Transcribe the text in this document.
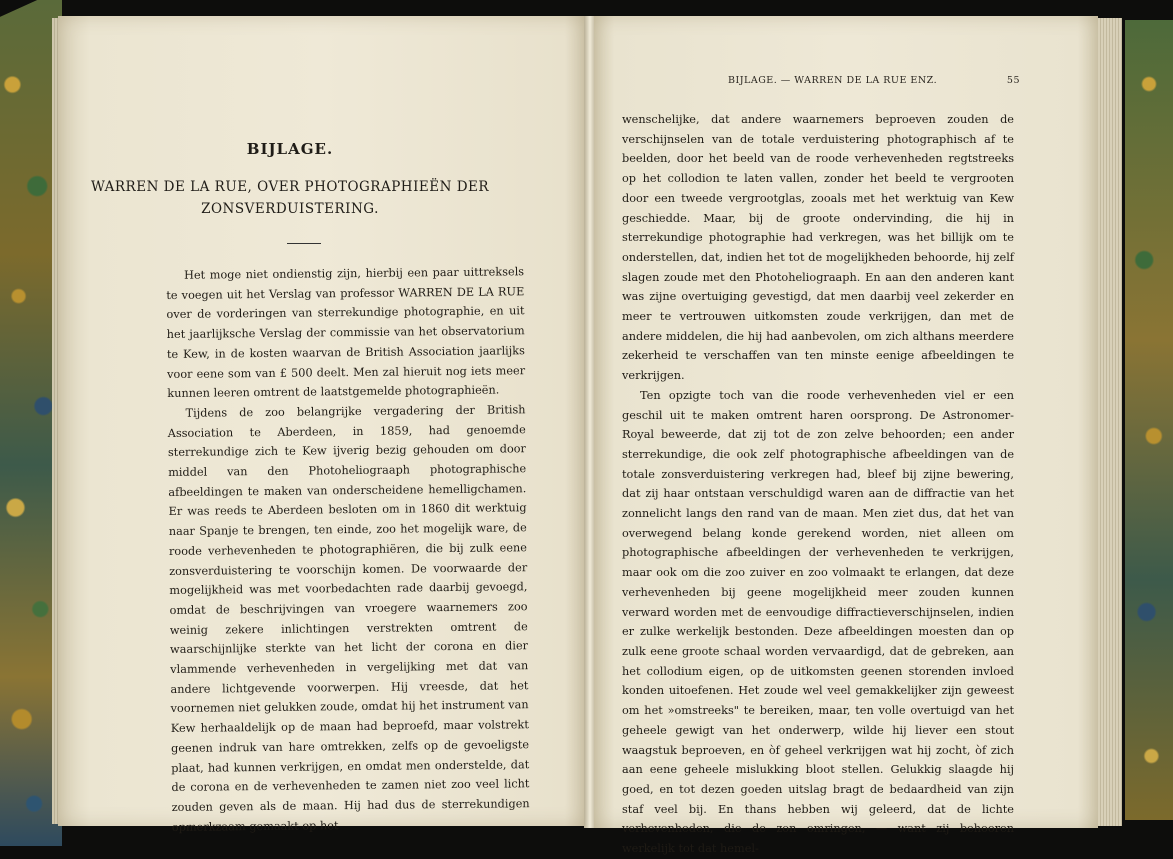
BIJLAGE.
WARREN DE LA RUE, OVER PHOTOGRAPHIEËN DER
ZONSVERDUISTERING.

Het moge niet ondienstig zijn, hierbij een paar uittreksels te voegen uit het Verslag van professor WARREN DE LA RUE over de vorderingen van sterrekundige photographie, en uit het jaarlijksche Verslag der commissie van het observatorium te Kew, in de kosten waarvan de British Association jaarlijks voor eene som van £ 500 deelt. Men zal hieruit nog iets meer kunnen leeren omtrent de laatstgemelde photographieën.

Tijdens de zoo belangrijke vergadering der British Association te Aberdeen, in 1859, had genoemde sterrekundige zich te Kew ijverig bezig gehouden om door middel van den Photoheliograaph photographische afbeeldingen te maken van onderscheidene hemelligchamen. Er was reeds te Aberdeen besloten om in 1860 dit werktuig naar Spanje te brengen, ten einde, zoo het mogelijk ware, de roode verhevenheden te photographiëren, die bij zulk eene zonsverduistering te voorschijn komen. De voorwaarde der mogelijkheid was met voorbedachten rade daarbij gevoegd, omdat de beschrijvingen van vroegere waarnemers zoo weinig zekere inlichtingen verstrekten omtrent de waarschijnlijke sterkte van het licht der corona en dier vlammende verhevenheden in vergelijking met dat van andere lichtgevende voorwerpen. Hij vreesde, dat het voornemen niet gelukken zoude, omdat hij het instrument van Kew herhaaldelijk op de maan had beproefd, maar volstrekt geenen indruk van hare omtrekken, zelfs op de gevoeligste plaat, had kunnen verkrijgen, en omdat men onderstelde, dat de corona en de verhevenheden te zamen niet zoo veel licht zouden geven als de maan. Hij had dus de sterrekundigen opmerkzaam gemaakt op het

BIJLAGE. — WARREN DE LA RUE ENZ.	55

wenschelijke, dat andere waarnemers beproeven zouden de verschijnselen van de totale verduistering photographisch af te beelden, door het beeld van de roode verhevenheden regtstreeks op het collodion te laten vallen, zonder het beeld te vergrooten door een tweede vergrootglas, zooals met het werktuig van Kew geschiedde. Maar, bij de groote ondervinding, die hij in sterrekundige photographie had verkregen, was het billijk om te onderstellen, dat, indien het tot de mogelijkheden behoorde, hij zelf slagen zoude met den Photoheliograaph. En aan den anderen kant was zijne overtuiging gevestigd, dat men daarbij veel zekerder en meer te vertrouwen uitkomsten zoude verkrijgen, dan met de andere middelen, die hij had aanbevolen, om zich althans meerdere zekerheid te verschaffen van ten minste eenige afbeeldingen te verkrijgen.

Ten opzigte toch van die roode verhevenheden viel er een geschil uit te maken omtrent haren oorsprong. De Astronomer-Royal beweerde, dat zij tot de zon zelve behoorden; een ander sterrekundige, die ook zelf photographische afbeeldingen van de totale zonsverduistering verkregen had, bleef bij zijne bewering, dat zij haar ontstaan verschuldigd waren aan de diffractie van het zonnelicht langs den rand van de maan. Men ziet dus, dat het van overwegend belang konde gerekend worden, niet alleen om photographische afbeeldingen der verhevenheden te verkrijgen, maar ook om die zoo zuiver en zoo volmaakt te erlangen, dat deze verhevenheden bij geene mogelijkheid meer zouden kunnen verward worden met de eenvoudige diffractieverschijnselen, indien er zulke werkelijk bestonden. Deze afbeeldingen moesten dan op zulk eene groote schaal worden vervaardigd, dat de gebreken, aan het collodium eigen, op de uitkomsten geenen storenden invloed konden uitoefenen. Het zoude wel veel gemakkelijker zijn geweest om het »omstreeks" te bereiken, maar, ten volle overtuigd van het geheele gewigt van het onderwerp, wilde hij liever een stout waagstuk beproeven, en òf geheel verkrijgen wat hij zocht, òf zich aan eene geheele mislukking bloot stellen. Gelukkig slaagde hij goed, en tot dezen goeden uitslag bragt de bedaardheid van zijn staf veel bij. En thans hebben wij geleerd, dat de lichte verhevenheden, die de zon omringen, — want zij behooren werkelijk tot dat hemel-
